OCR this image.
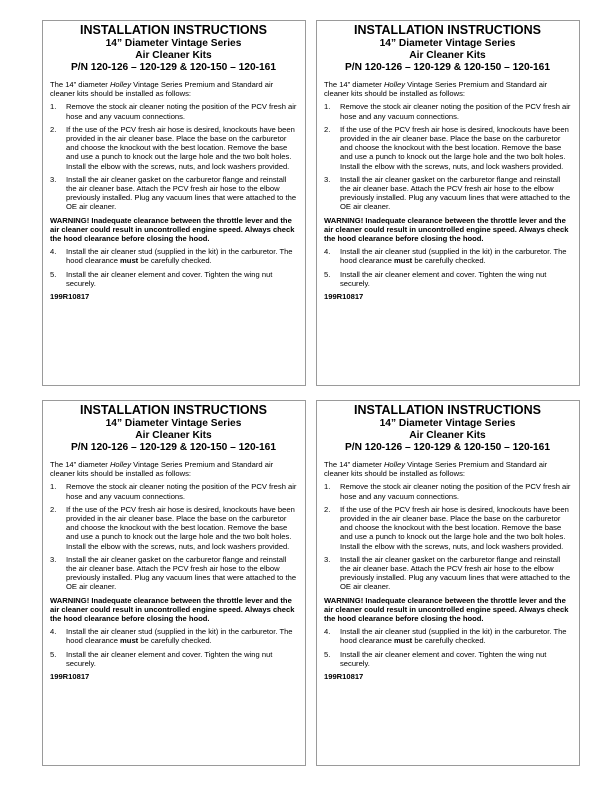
INSTALLATION INSTRUCTIONS

14” Diameter Vintage Series

Air Cleaner Kits

P/N 120-126 – 120-129 & 120-150 – 120-161

The 14” diameter Holley Vintage Series Premium and Standard air cleaner kits should be installed as follows:

1.	Remove the stock air cleaner noting the position of the PCV fresh air hose and any vacuum connections.
2.	If the use of the PCV fresh air hose is desired, knockouts have been provided in the air cleaner base. Place the base on the carburetor and choose the knockout with the best location. Remove the base and use a punch to knock out the large hole and the two bolt holes. Install the elbow with the screws, nuts, and lock washers provided.
3.	Install the air cleaner gasket on the carburetor flange and reinstall the air cleaner base. Attach the PCV fresh air hose to the elbow previously installed. Plug any vacuum lines that were attached to the OE air cleaner.

WARNING! Inadequate clearance between the throttle lever and the air cleaner could result in uncontrolled engine speed. Always check the hood clearance before closing the hood.

4.	Install the air cleaner stud (supplied in the kit) in the carburetor. The hood clearance must be carefully checked.
5.	Install the air cleaner element and cover. Tighten the wing nut securely.

199R10817

INSTALLATION INSTRUCTIONS

14” Diameter Vintage Series

Air Cleaner Kits

P/N 120-126 – 120-129 & 120-150 – 120-161

The 14” diameter Holley Vintage Series Premium and Standard air cleaner kits should be installed as follows:

1.	Remove the stock air cleaner noting the position of the PCV fresh air hose and any vacuum connections.
2.	If the use of the PCV fresh air hose is desired, knockouts have been provided in the air cleaner base. Place the base on the carburetor and choose the knockout with the best location. Remove the base and use a punch to knock out the large hole and the two bolt holes. Install the elbow with the screws, nuts, and lock washers provided.
3.	Install the air cleaner gasket on the carburetor flange and reinstall the air cleaner base. Attach the PCV fresh air hose to the elbow previously installed. Plug any vacuum lines that were attached to the OE air cleaner.

WARNING! Inadequate clearance between the throttle lever and the air cleaner could result in uncontrolled engine speed. Always check the hood clearance before closing the hood.

4.	Install the air cleaner stud (supplied in the kit) in the carburetor. The hood clearance must be carefully checked.
5.	Install the air cleaner element and cover. Tighten the wing nut securely.

199R10817

INSTALLATION INSTRUCTIONS

14” Diameter Vintage Series

Air Cleaner Kits

P/N 120-126 – 120-129 & 120-150 – 120-161

The 14” diameter Holley Vintage Series Premium and Standard air cleaner kits should be installed as follows:

1.	Remove the stock air cleaner noting the position of the PCV fresh air hose and any vacuum connections.
2.	If the use of the PCV fresh air hose is desired, knockouts have been provided in the air cleaner base. Place the base on the carburetor and choose the knockout with the best location. Remove the base and use a punch to knock out the large hole and the two bolt holes. Install the elbow with the screws, nuts, and lock washers provided.
3.	Install the air cleaner gasket on the carburetor flange and reinstall the air cleaner base. Attach the PCV fresh air hose to the elbow previously installed. Plug any vacuum lines that were attached to the OE air cleaner.

WARNING! Inadequate clearance between the throttle lever and the air cleaner could result in uncontrolled engine speed. Always check the hood clearance before closing the hood.

4.	Install the air cleaner stud (supplied in the kit) in the carburetor. The hood clearance must be carefully checked.
5.	Install the air cleaner element and cover. Tighten the wing nut securely.

199R10817

INSTALLATION INSTRUCTIONS

14” Diameter Vintage Series

Air Cleaner Kits

P/N 120-126 – 120-129 & 120-150 – 120-161

The 14” diameter Holley Vintage Series Premium and Standard air cleaner kits should be installed as follows:

1.	Remove the stock air cleaner noting the position of the PCV fresh air hose and any vacuum connections.
2.	If the use of the PCV fresh air hose is desired, knockouts have been provided in the air cleaner base. Place the base on the carburetor and choose the knockout with the best location. Remove the base and use a punch to knock out the large hole and the two bolt holes. Install the elbow with the screws, nuts, and lock washers provided.
3.	Install the air cleaner gasket on the carburetor flange and reinstall the air cleaner base. Attach the PCV fresh air hose to the elbow previously installed. Plug any vacuum lines that were attached to the OE air cleaner.

WARNING! Inadequate clearance between the throttle lever and the air cleaner could result in uncontrolled engine speed. Always check the hood clearance before closing the hood.

4.	Install the air cleaner stud (supplied in the kit) in the carburetor. The hood clearance must be carefully checked.
5.	Install the air cleaner element and cover. Tighten the wing nut securely.

199R10817
